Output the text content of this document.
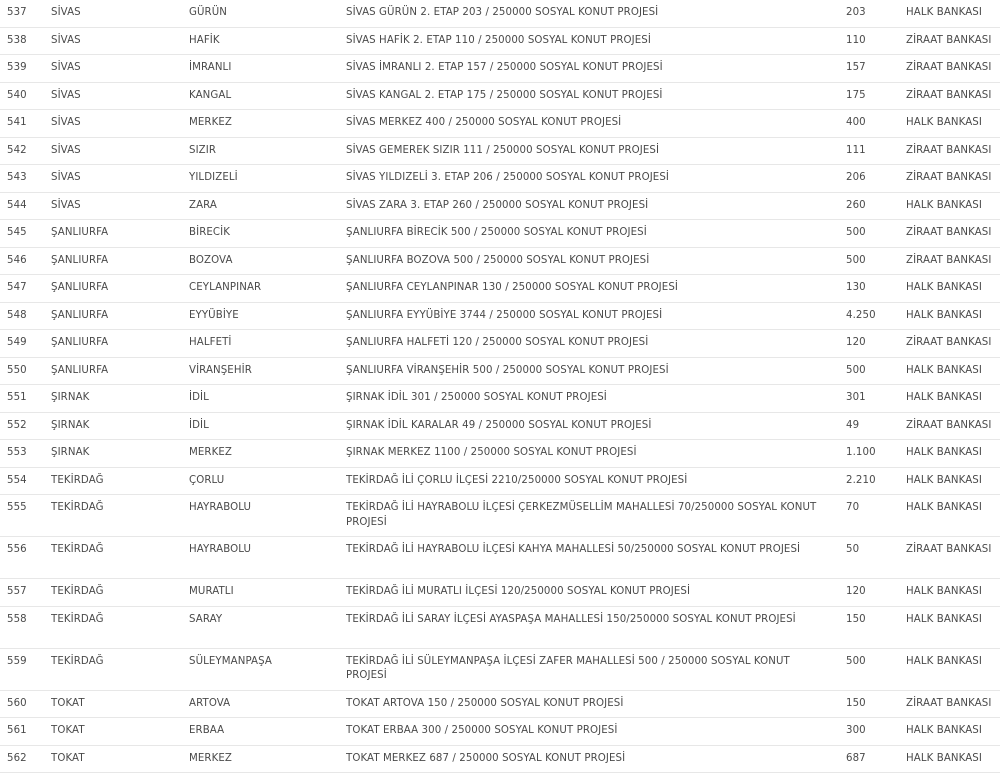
537	SİVAS	GÜRÜN	SİVAS GÜRÜN 2. ETAP 203 / 250000 SOSYAL KONUT PROJESİ	203	HALK BANKASI
538	SİVAS	HAFİK	SİVAS HAFİK 2. ETAP 110 / 250000 SOSYAL KONUT PROJESİ	110	ZİRAAT BANKASI
539	SİVAS	İMRANLI	SİVAS İMRANLI 2. ETAP 157 / 250000 SOSYAL KONUT PROJESİ	157	ZİRAAT BANKASI
540	SİVAS	KANGAL	SİVAS KANGAL 2. ETAP 175 / 250000 SOSYAL KONUT PROJESİ	175	ZİRAAT BANKASI
541	SİVAS	MERKEZ	SİVAS MERKEZ 400 / 250000 SOSYAL KONUT PROJESİ	400	HALK BANKASI
542	SİVAS	SIZIR	SİVAS GEMEREK SIZIR 111 / 250000 SOSYAL KONUT PROJESİ	111	ZİRAAT BANKASI
543	SİVAS	YILDIZELİ	SİVAS YILDIZELİ 3. ETAP 206 / 250000 SOSYAL KONUT PROJESİ	206	ZİRAAT BANKASI
544	SİVAS	ZARA	SİVAS ZARA 3. ETAP 260 / 250000 SOSYAL KONUT PROJESİ	260	HALK BANKASI
545	ŞANLIURFA	BİRECİK	ŞANLIURFA BİRECİK 500 / 250000 SOSYAL KONUT PROJESİ	500	ZİRAAT BANKASI
546	ŞANLIURFA	BOZOVA	ŞANLIURFA BOZOVA 500 / 250000 SOSYAL KONUT PROJESİ	500	ZİRAAT BANKASI
547	ŞANLIURFA	CEYLANPINAR	ŞANLIURFA CEYLANPINAR 130 / 250000 SOSYAL KONUT PROJESİ	130	HALK BANKASI
548	ŞANLIURFA	EYYÜBİYE	ŞANLIURFA EYYÜBİYE 3744 / 250000 SOSYAL KONUT PROJESİ	4.250	HALK BANKASI
549	ŞANLIURFA	HALFETİ	ŞANLIURFA HALFETİ 120 / 250000 SOSYAL KONUT PROJESİ	120	ZİRAAT BANKASI
550	ŞANLIURFA	VİRANŞEHİR	ŞANLIURFA VİRANŞEHİR 500 / 250000 SOSYAL KONUT PROJESİ	500	HALK BANKASI
551	ŞIRNAK	İDİL	ŞIRNAK İDİL 301 / 250000 SOSYAL KONUT PROJESİ	301	HALK BANKASI
552	ŞIRNAK	İDİL	ŞIRNAK İDİL KARALAR 49 / 250000 SOSYAL KONUT PROJESİ	49	ZİRAAT BANKASI
553	ŞIRNAK	MERKEZ	ŞIRNAK MERKEZ 1100 / 250000 SOSYAL KONUT PROJESİ	1.100	HALK BANKASI
554	TEKİRDAĞ	ÇORLU	TEKİRDAĞ İLİ ÇORLU İLÇESİ 2210/250000 SOSYAL KONUT PROJESİ	2.210	HALK BANKASI
555	TEKİRDAĞ	HAYRABOLU	TEKİRDAĞ İLİ HAYRABOLU İLÇESİ ÇERKEZMÜSELLİM MAHALLESİ 70/250000 SOSYAL KONUT PROJESİ	70	HALK BANKASI
556	TEKİRDAĞ	HAYRABOLU	TEKİRDAĞ İLİ HAYRABOLU İLÇESİ KAHYA MAHALLESİ 50/250000 SOSYAL KONUT PROJESİ	50	ZİRAAT BANKASI
557	TEKİRDAĞ	MURATLI	TEKİRDAĞ İLİ MURATLI İLÇESİ 120/250000 SOSYAL KONUT PROJESİ	120	HALK BANKASI
558	TEKİRDAĞ	SARAY	TEKİRDAĞ İLİ SARAY İLÇESİ AYASPAŞA MAHALLESİ 150/250000 SOSYAL KONUT PROJESİ	150	HALK BANKASI
559	TEKİRDAĞ	SÜLEYMANPAŞA	TEKİRDAĞ İLİ SÜLEYMANPAŞA İLÇESİ ZAFER MAHALLESİ 500 / 250000 SOSYAL KONUT PROJESİ	500	HALK BANKASI
560	TOKAT	ARTOVA	TOKAT ARTOVA 150 / 250000 SOSYAL KONUT PROJESİ	150	ZİRAAT BANKASI
561	TOKAT	ERBAA	TOKAT ERBAA 300 / 250000 SOSYAL KONUT PROJESİ	300	HALK BANKASI
562	TOKAT	MERKEZ	TOKAT MERKEZ 687 / 250000 SOSYAL KONUT PROJESİ	687	HALK BANKASI
